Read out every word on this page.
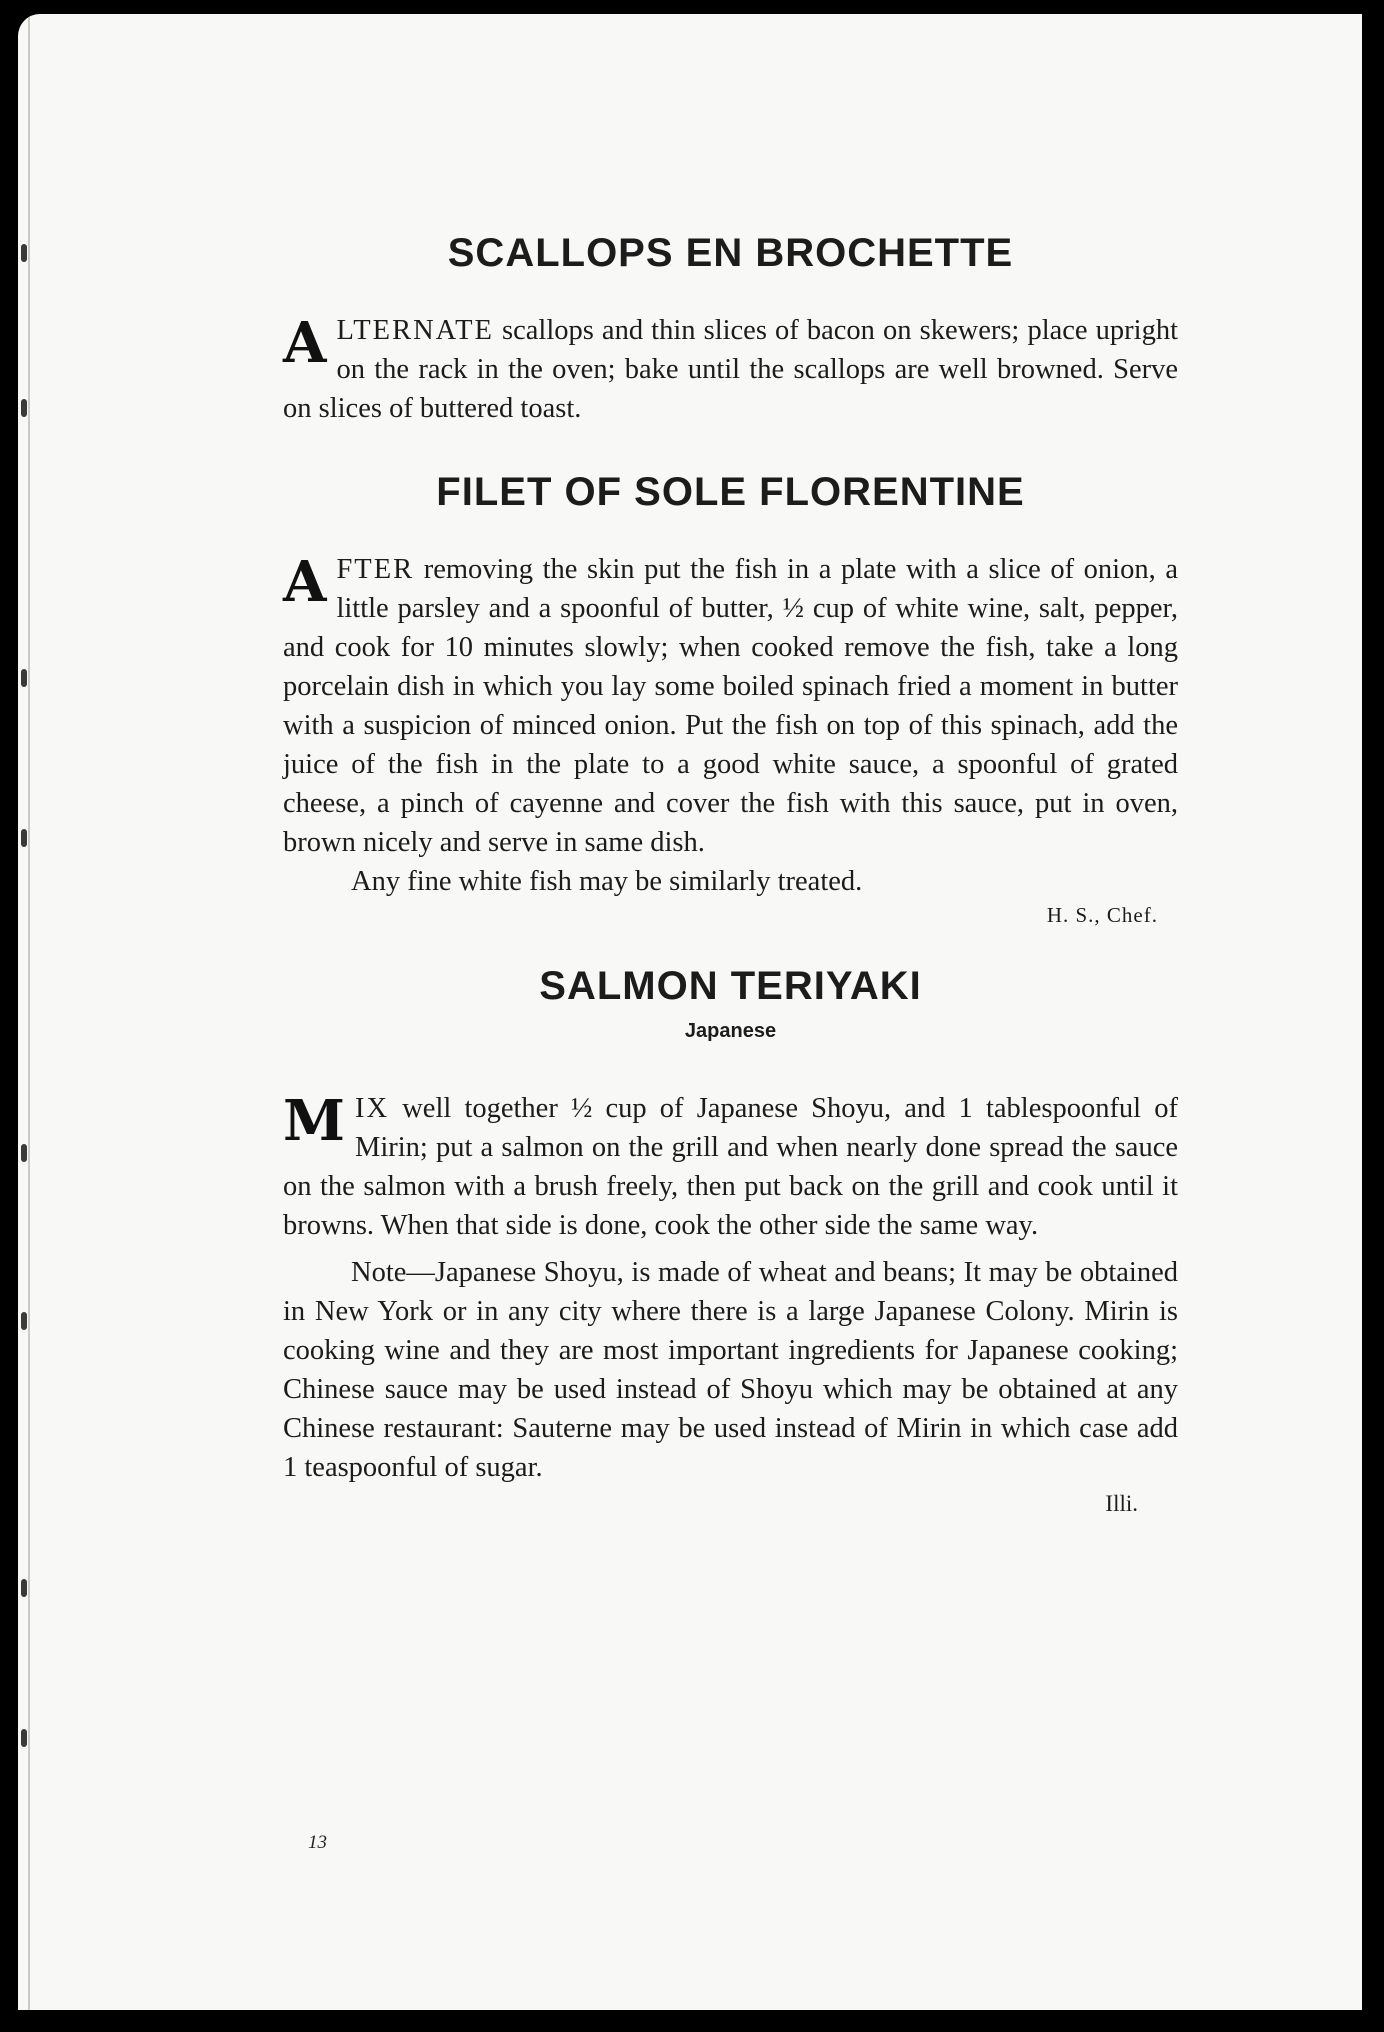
SCALLOPS EN BROCHETTE

ALTERNATE scallops and thin slices of bacon on skewers; place upright on the rack in the oven; bake until the scallops are well browned. Serve on slices of buttered toast.

FILET OF SOLE FLORENTINE

AFTER removing the skin put the fish in a plate with a slice of onion, a little parsley and a spoonful of butter, ½ cup of white wine, salt, pepper, and cook for 10 minutes slowly; when cooked remove the fish, take a long porcelain dish in which you lay some boiled spinach fried a moment in butter with a suspicion of minced onion. Put the fish on top of this spinach, add the juice of the fish in the plate to a good white sauce, a spoonful of grated cheese, a pinch of cayenne and cover the fish with this sauce, put in oven, brown nicely and serve in same dish.

Any fine white fish may be similarly treated.

H. S., Chef.
SALMON TERIYAKI
Japanese

MIX well together ½ cup of Japanese Shoyu, and 1 tablespoonful of Mirin; put a salmon on the grill and when nearly done spread the sauce on the salmon with a brush freely, then put back on the grill and cook until it browns. When that side is done, cook the other side the same way.

Note—Japanese Shoyu, is made of wheat and beans; It may be obtained in New York or in any city where there is a large Japanese Colony. Mirin is cooking wine and they are most important ingredients for Japanese cooking; Chinese sauce may be used instead of Shoyu which may be obtained at any Chinese restaurant: Sauterne may be used instead of Mirin in which case add 1 teaspoonful of sugar.

Illi.
13
